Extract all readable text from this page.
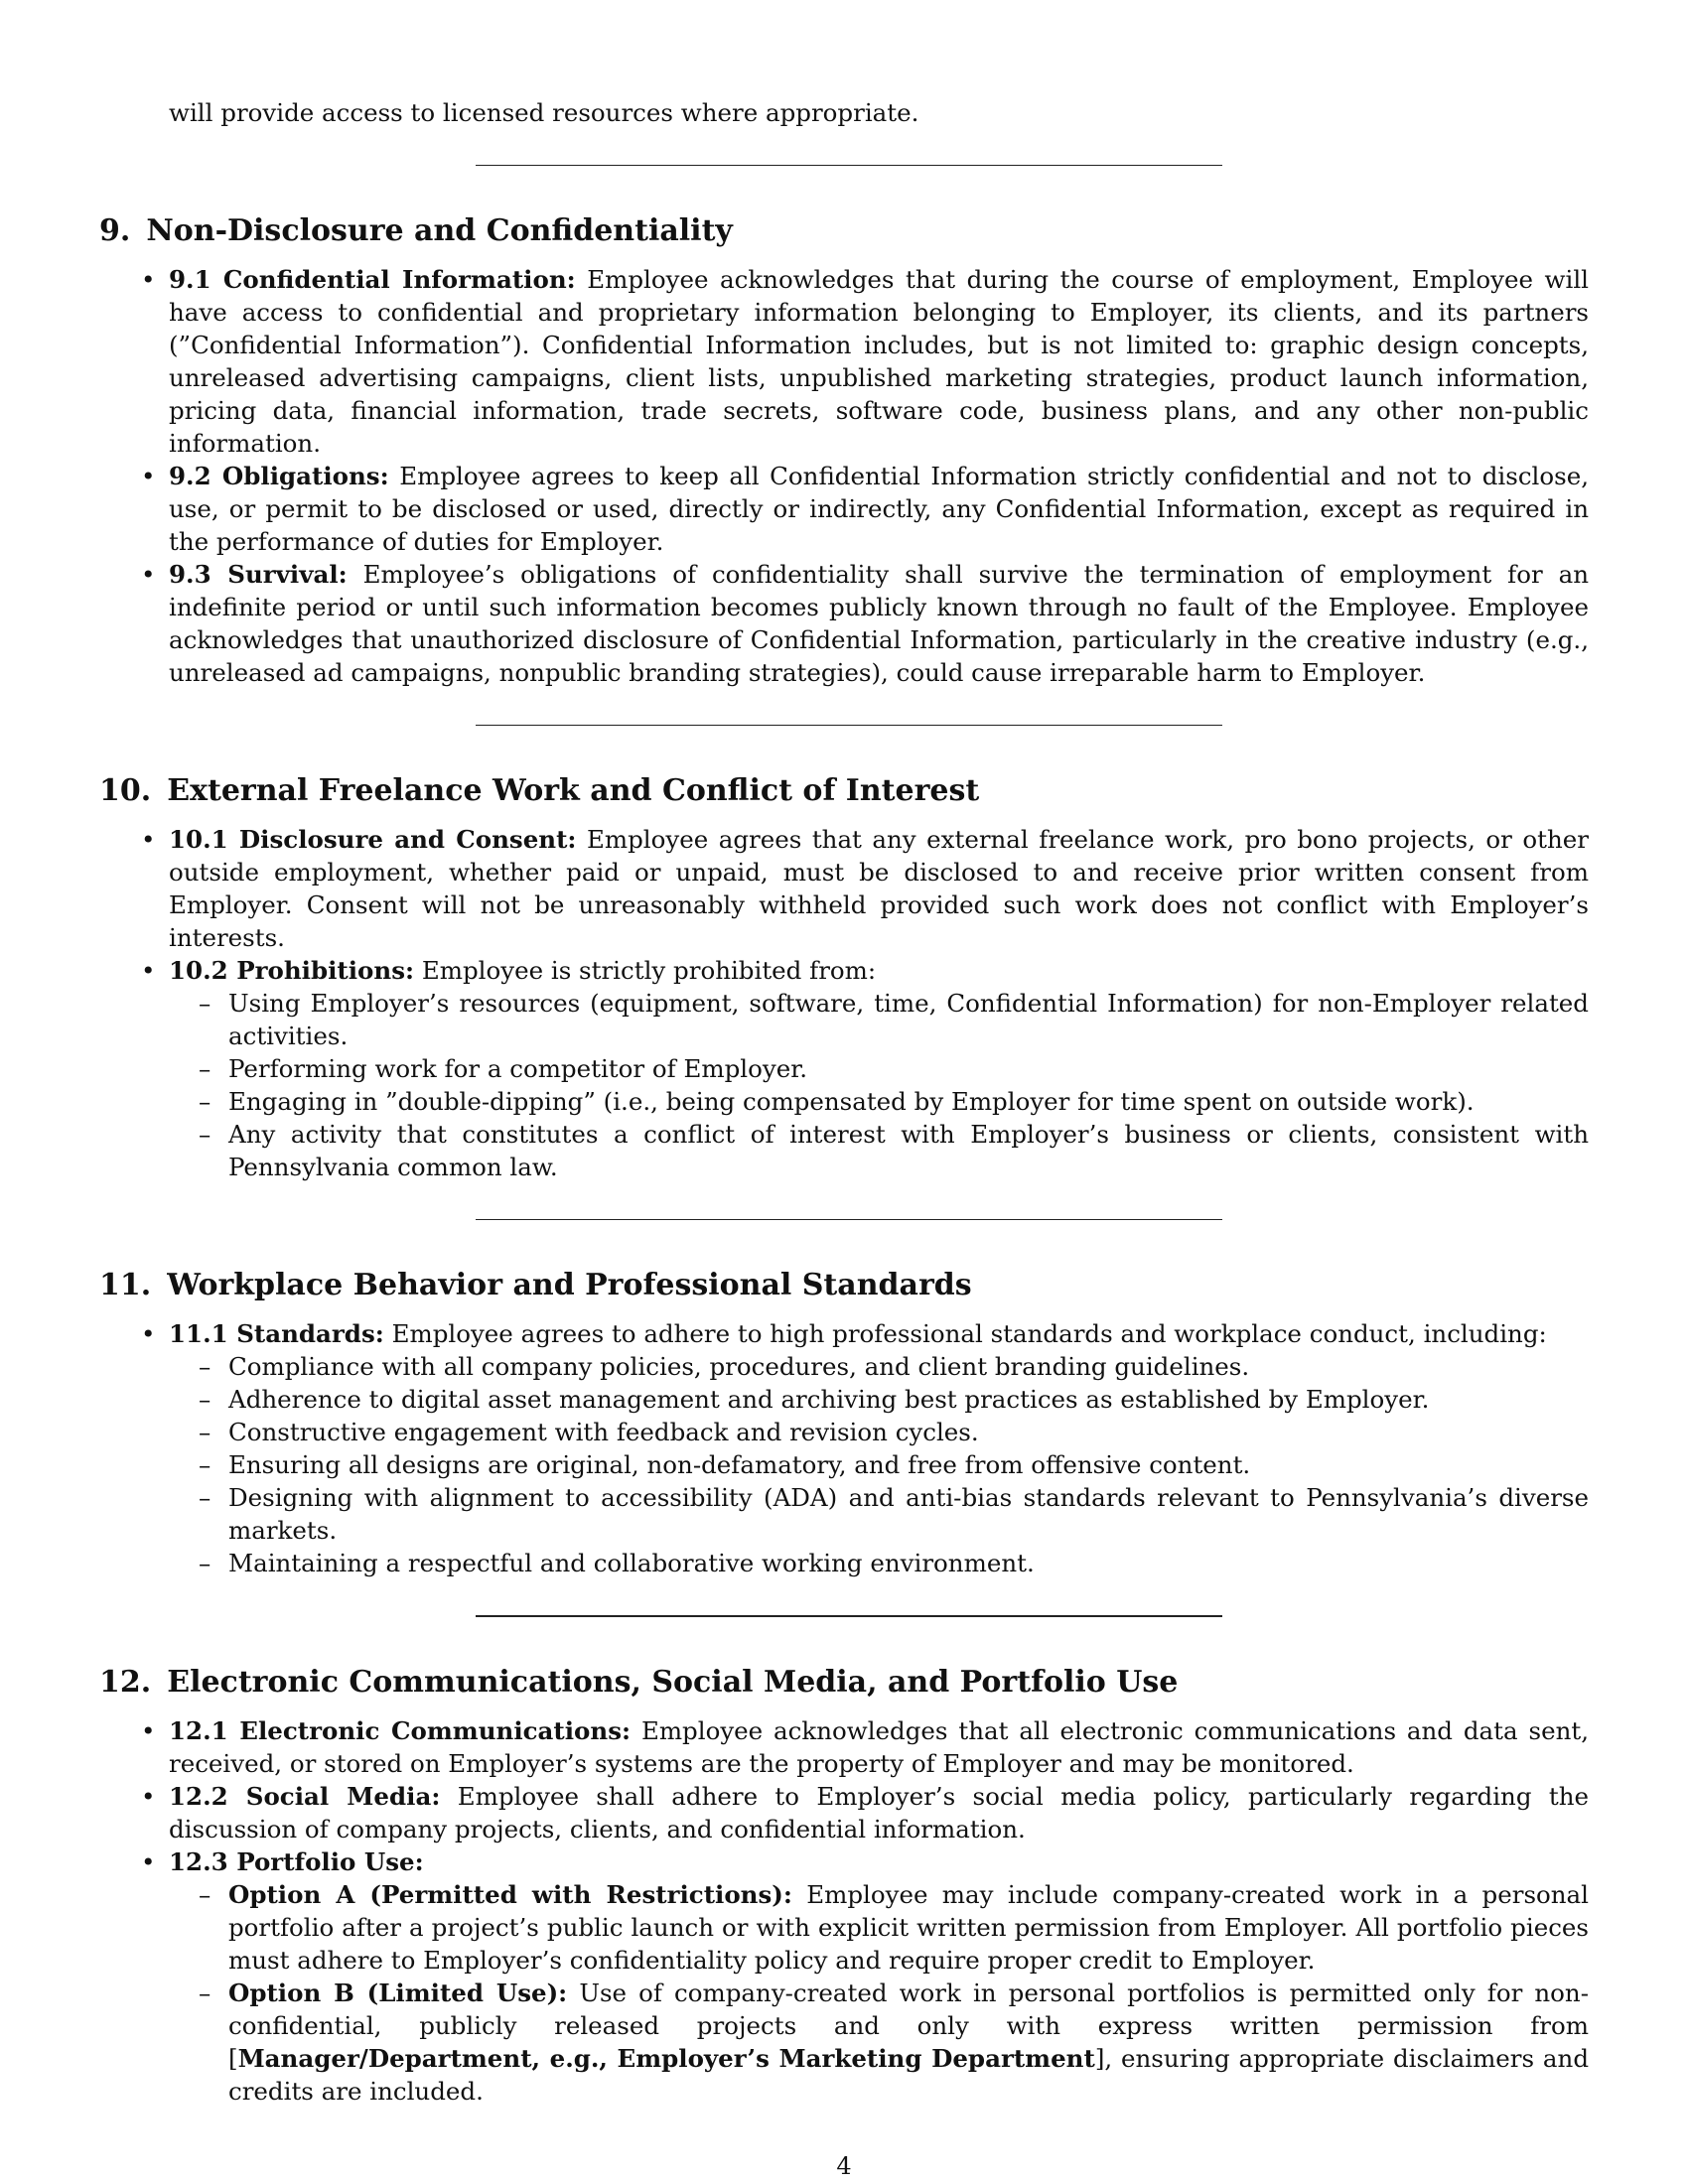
will provide access to licensed resources where appropriate.

9. Non-Disclosure and Confidentiality
• 9.1 Confidential Information: Employee acknowledges that during the course of employment, Employee will have access to confidential and proprietary information belonging to Employer, its clients, and its partners (”Confidential Information”). Confidential Information includes, but is not limited to: graphic design concepts, unreleased advertising campaigns, client lists, unpublished marketing strategies, product launch information, pricing data, financial information, trade secrets, software code, business plans, and any other non-public information.
• 9.2 Obligations: Employee agrees to keep all Confidential Information strictly confidential and not to disclose, use, or permit to be disclosed or used, directly or indirectly, any Confidential Information, except as required in the performance of duties for Employer.
• 9.3 Survival: Employee’s obligations of confidentiality shall survive the termination of employment for an indefinite period or until such information becomes publicly known through no fault of the Employee. Employee acknowledges that unauthorized disclosure of Confidential Information, particularly in the creative industry (e.g., unreleased ad campaigns, nonpublic branding strategies), could cause irreparable harm to Employer.
10. External Freelance Work and Conflict of Interest
• 10.1 Disclosure and Consent: Employee agrees that any external freelance work, pro bono projects, or other outside employment, whether paid or unpaid, must be disclosed to and receive prior written consent from Employer. Consent will not be unreasonably withheld provided such work does not conflict with Employer’s interests.
• 10.2 Prohibitions: Employee is strictly prohibited from:
– Using Employer’s resources (equipment, software, time, Confidential Information) for non-Employer related activities.
– Performing work for a competitor of Employer.
– Engaging in ”double-dipping” (i.e., being compensated by Employer for time spent on outside work).
– Any activity that constitutes a conflict of interest with Employer’s business or clients, consistent with Pennsylvania common law.
11. Workplace Behavior and Professional Standards
• 11.1 Standards: Employee agrees to adhere to high professional standards and workplace conduct, including:
– Compliance with all company policies, procedures, and client branding guidelines.
– Adherence to digital asset management and archiving best practices as established by Employer.
– Constructive engagement with feedback and revision cycles.
– Ensuring all designs are original, non-defamatory, and free from offensive content.
– Designing with alignment to accessibility (ADA) and anti-bias standards relevant to Pennsylvania’s diverse markets.
– Maintaining a respectful and collaborative working environment.
12. Electronic Communications, Social Media, and Portfolio Use
• 12.1 Electronic Communications: Employee acknowledges that all electronic communications and data sent, received, or stored on Employer’s systems are the property of Employer and may be monitored.
• 12.2 Social Media: Employee shall adhere to Employer’s social media policy, particularly regarding the discussion of company projects, clients, and confidential information.
• 12.3 Portfolio Use:
– Option A (Permitted with Restrictions): Employee may include company-created work in a personal portfolio after a project’s public launch or with explicit written permission from Employer. All portfolio pieces must adhere to Employer’s confidentiality policy and require proper credit to Employer.
– Option B (Limited Use): Use of company-created work in personal portfolios is permitted only for non-confidential, publicly released projects and only with express written permission from [Manager/Department, e.g., Employer’s Marketing Department], ensuring appropriate disclaimers and credits are included.
4
